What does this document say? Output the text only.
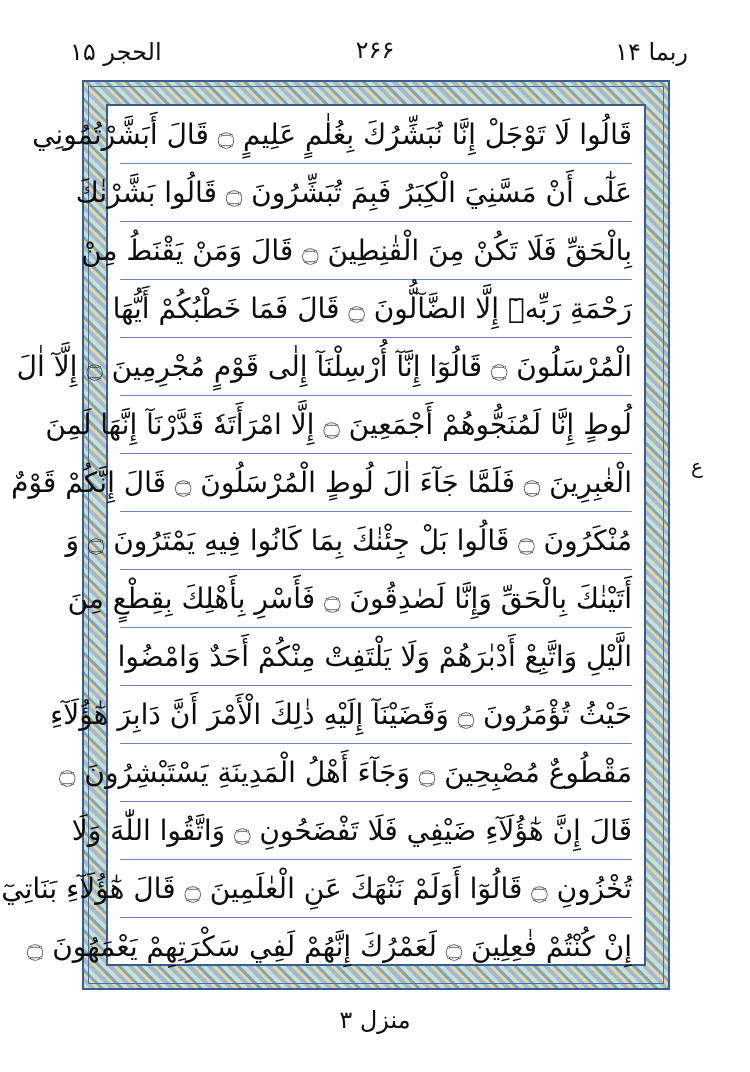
الحجر ۱۵	۲۶۶	ربما ۱۴
قَالُوا لَا تَوْجَلْ إِنَّا نُبَشِّرُكَ بِغُلٰمٍ عَلِيمٍ ۝ قَالَ أَبَشَّرْتُمُونِي
عَلٰٓى أَنْ مَسَّنِيَ الْكِبَرُ فَبِمَ تُبَشِّرُونَ ۝ قَالُوا بَشَّرْنٰكَ
بِالْحَقِّ فَلَا تَكُنْ مِنَ الْقٰنِطِينَ ۝ قَالَ وَمَنْ يَقْنَطُ مِنْ
رَحْمَةِ رَبِّهٖٓ إِلَّا الضَّآلُّونَ ۝ قَالَ فَمَا خَطْبُكُمْ أَيُّهَا
الْمُرْسَلُونَ ۝ قَالُوٓا إِنَّآ أُرْسِلْنَآ إِلٰى قَوْمٍ مُجْرِمِينَ ۝ إِلَّآ اٰلَ
لُوطٍ إِنَّا لَمُنَجُّوهُمْ أَجْمَعِينَ ۝ إِلَّا امْرَأَتَهٗ قَدَّرْنَآ إِنَّهَا لَمِنَ
الْغٰبِرِينَ ۝ فَلَمَّا جَآءَ اٰلَ لُوطٍ الْمُرْسَلُونَ ۝ قَالَ إِنَّكُمْ قَوْمٌ
مُنْكَرُونَ ۝ قَالُوا بَلْ جِئْنٰكَ بِمَا كَانُوا فِيهِ يَمْتَرُونَ ۝ وَ
أَتَيْنٰكَ بِالْحَقِّ وَإِنَّا لَصٰدِقُونَ ۝ فَأَسْرِ بِأَهْلِكَ بِقِطْعٍ مِنَ
الَّيْلِ وَاتَّبِعْ أَدْبٰرَهُمْ وَلَا يَلْتَفِتْ مِنْكُمْ أَحَدٌ وَامْضُوا
حَيْثُ تُؤْمَرُونَ ۝ وَقَضَيْنَآ إِلَيْهِ ذٰلِكَ الْأَمْرَ أَنَّ دَابِرَ هٰٓؤُلَآءِ
مَقْطُوعٌ مُصْبِحِينَ ۝ وَجَآءَ أَهْلُ الْمَدِينَةِ يَسْتَبْشِرُونَ ۝
قَالَ إِنَّ هٰٓؤُلَآءِ ضَيْفِي فَلَا تَفْضَحُونِ ۝ وَاتَّقُوا اللّٰهَ وَلَا
تُخْزُونِ ۝ قَالُوٓا أَوَلَمْ نَنْهَكَ عَنِ الْعٰلَمِينَ ۝ قَالَ هٰٓؤُلَآءِ بَنَاتِيٓ
إِنْ كُنْتُمْ فٰعِلِينَ ۝ لَعَمْرُكَ إِنَّهُمْ لَفِي سَكْرَتِهِمْ يَعْمَهُونَ ۝
ع
منزل ۳
